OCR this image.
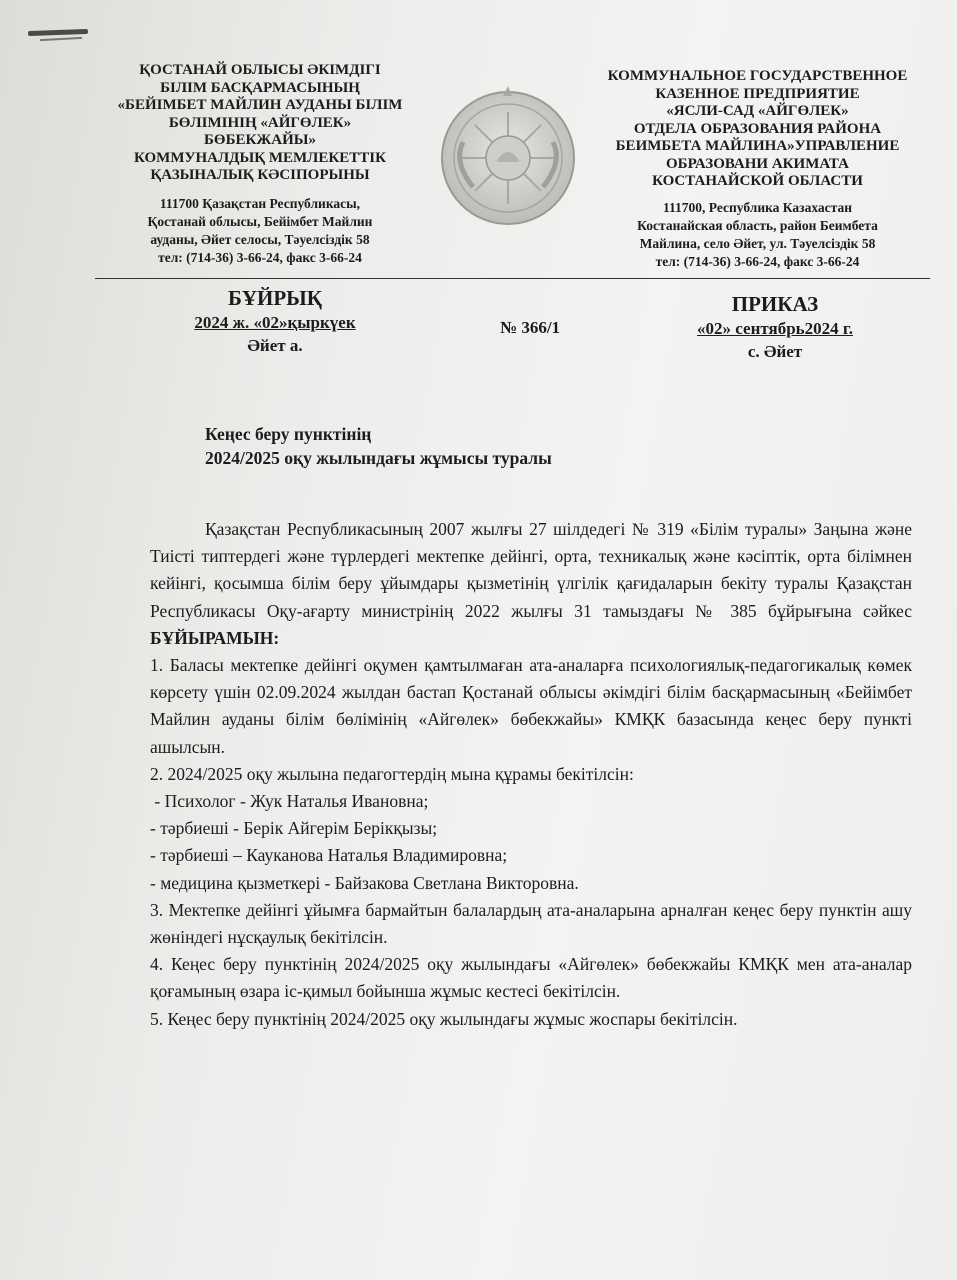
ҚОСТАНАЙ ОБЛЫСЫ ӘКІМДІГІ
БІЛІМ БАСҚАРМАСЫНЫҢ
«БЕЙІМБЕТ МАЙЛИН АУДАНЫ БІЛІМ
БӨЛІМІНІҢ «АЙГӨЛЕК»
БӨБЕКЖАЙЫ»
КОММУНАЛДЫҚ МЕМЛЕКЕТТІК
ҚАЗЫНАЛЫҚ КӘСІПОРЫНЫ
111700 Қазақстан Республикасы,
Қостанай облысы, Бейімбет Майлин
ауданы, Әйет селосы, Тәуелсіздік 58
тел: (714-36) 3-66-24, факс 3-66-24
КОММУНАЛЬНОЕ ГОСУДАРСТВЕННОЕ
КАЗЕННОЕ ПРЕДПРИЯТИЕ
«ЯСЛИ-САД «АЙГӨЛЕК»
ОТДЕЛА ОБРАЗОВАНИЯ РАЙОНА
БЕИМБЕТА МАЙЛИНА»УПРАВЛЕНИЕ
ОБРАЗОВАНИ АКИМАТА
КОСТАНАЙСКОЙ ОБЛАСТИ
111700, Республика Казахастан
Костанайская область, район Беимбета
Майлина, село Әйет, ул. Тәуелсіздік 58
тел: (714-36) 3-66-24, факс 3-66-24
БҰЙРЫҚ
2024 ж. «02»қыркүек
Әйет а.
№ 366/1
ПРИКАЗ
«02» сентябрь2024 г.
с. Әйет
Кеңес беру пунктінің
2024/2025 оқу жылындағы жұмысы туралы

Қазақстан Республикасының 2007 жылғы 27 шілдедегі № 319 «Білім туралы» Заңына және Тиісті типтердегі және түрлердегі мектепке дейінгі, орта, техникалық және кәсіптік, орта білімнен кейінгі, қосымша білім беру ұйымдары қызметінің үлгілік қағидаларын бекіту туралы Қазақстан Республикасы Оқу-ағарту министрінің 2022 жылғы 31 тамыздағы № 385 бұйрығына сәйкес БҰЙЫРАМЫН:

1. Баласы мектепке дейінгі оқумен қамтылмаған ата-аналарға психологиялық-педагогикалық көмек көрсету үшін 02.09.2024 жылдан бастап Қостанай облысы әкімдігі білім басқармасының «Бейімбет Майлин ауданы білім бөлімінің «Айгөлек» бөбекжайы» КМҚК базасында кеңес беру пункті ашылсын.

2. 2024/2025 оқу жылына педагогтердің мына құрамы бекітілсін:

- Психолог - Жук Наталья Ивановна;

- тәрбиеші - Берік Айгерім Берікқызы;

- тәрбиеші – Кауканова Наталья Владимировна;

- медицина қызметкері - Байзакова Светлана Викторовна.

3. Мектепке дейінгі ұйымға бармайтын балалардың ата-аналарына арналған кеңес беру пунктін ашу жөніндегі нұсқаулық бекітілсін.

4. Кеңес беру пунктінің 2024/2025 оқу жылындағы «Айгөлек» бөбекжайы КМҚК мен ата-аналар қоғамының өзара іс-қимыл бойынша жұмыс кестесі бекітілсін.

5. Кеңес беру пунктінің 2024/2025 оқу жылындағы жұмыс жоспары бекітілсін.
